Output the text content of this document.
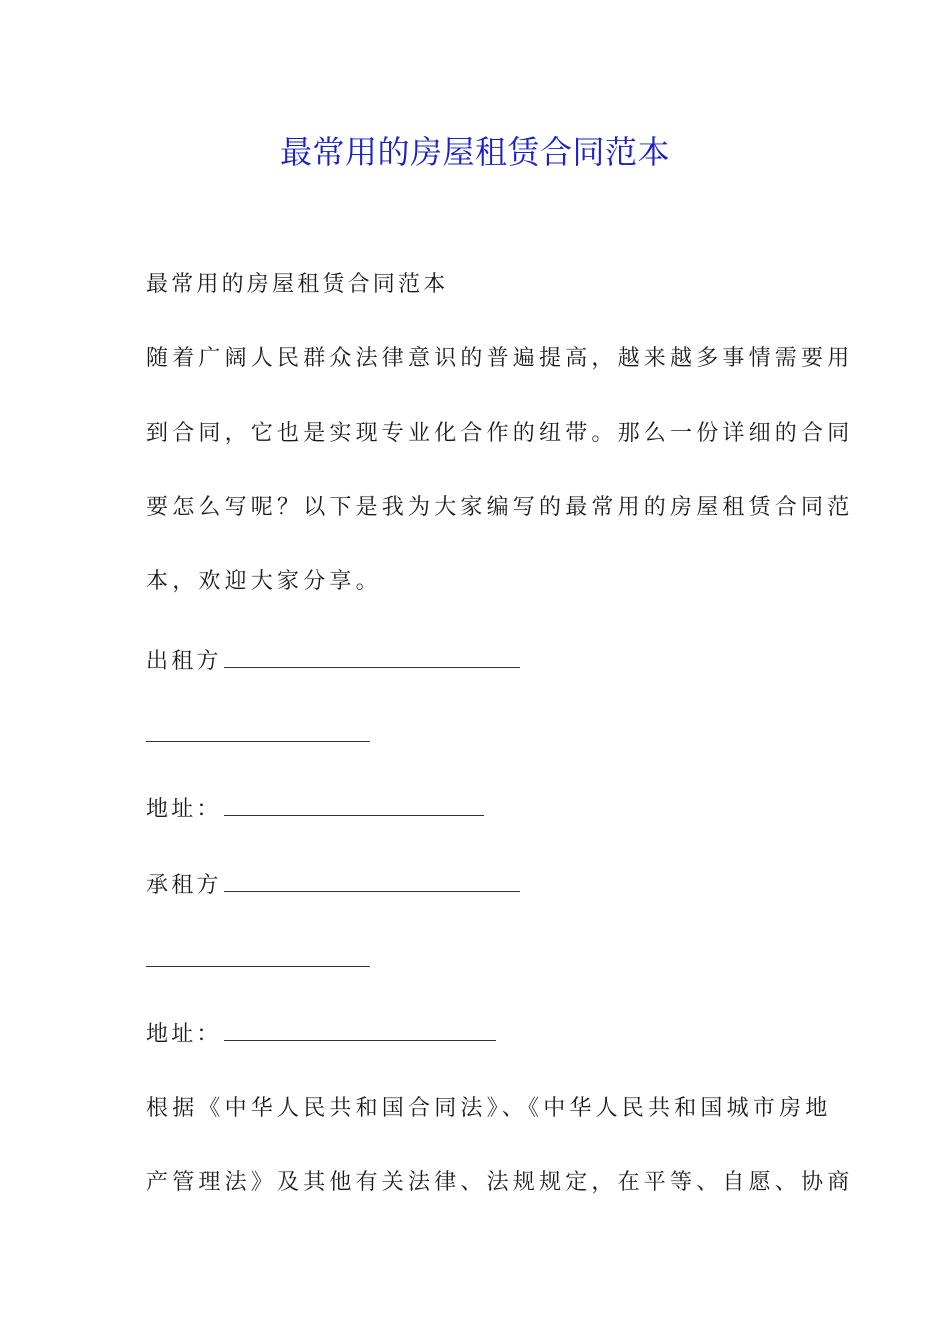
最常用的房屋租赁合同范本
最常用的房屋租赁合同范本
随着广阔人民群众法律意识的普遍提高，越来越多事情需要用
到合同，它也是实现专业化合作的纽带。那么一份详细的合同
要怎么写呢？以下是我为大家编写的最常用的房屋租赁合同范
本，欢迎大家分享。
出租方
地址：
承租方
地址：
根据《中华人民共和国合同法》、《中华人民共和国城市房地
产管理法》及其他有关法律、法规规定，在平等、自愿、协商
